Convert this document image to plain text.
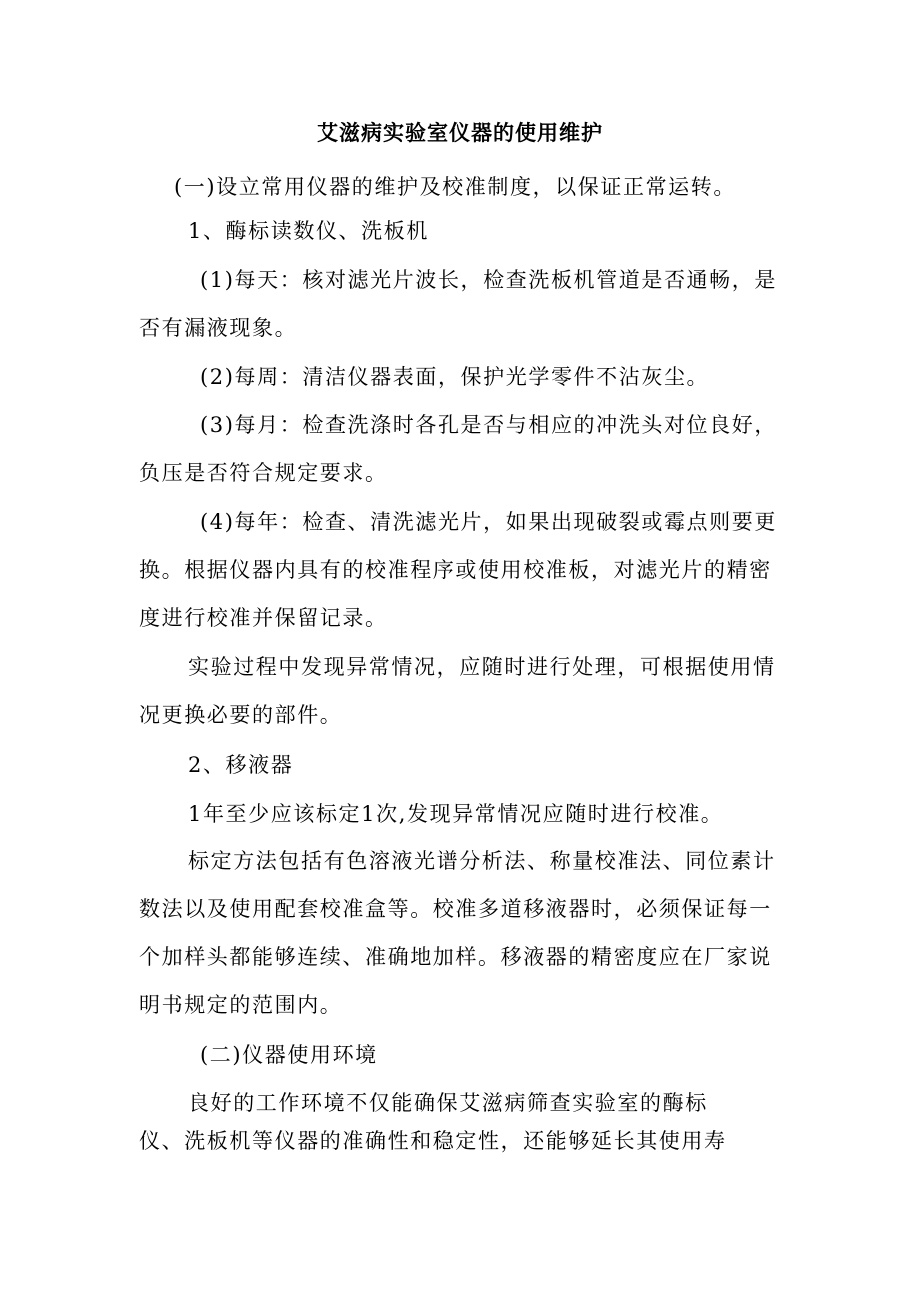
艾滋病实验室仪器的使用维护
(一)设立常用仪器的维护及校准制度，以保证正常运转。
1、酶标读数仪、洗板机
(1)每天：核对滤光片波长，检查洗板机管道是否通畅，是
否有漏液现象。
(2)每周：清洁仪器表面，保护光学零件不沾灰尘。
(3)每月：检查洗涤时各孔是否与相应的冲洗头对位良好，
负压是否符合规定要求。
(4)每年：检查、清洗滤光片，如果出现破裂或霉点则要更
换。根据仪器内具有的校准程序或使用校准板，对滤光片的精密
度进行校准并保留记录。
实验过程中发现异常情况，应随时进行处理，可根据使用情
况更换必要的部件。
2、移液器
1年至少应该标定1次,发现异常情况应随时进行校准。
标定方法包括有色溶液光谱分析法、称量校准法、同位素计
数法以及使用配套校准盒等。校准多道移液器时，必须保证每一
个加样头都能够连续、准确地加样。移液器的精密度应在厂家说
明书规定的范围内。
(二)仪器使用环境
良好的工作环境不仅能确保艾滋病筛查实验室的酶标
仪、洗板机等仪器的准确性和稳定性，还能够延长其使用寿
